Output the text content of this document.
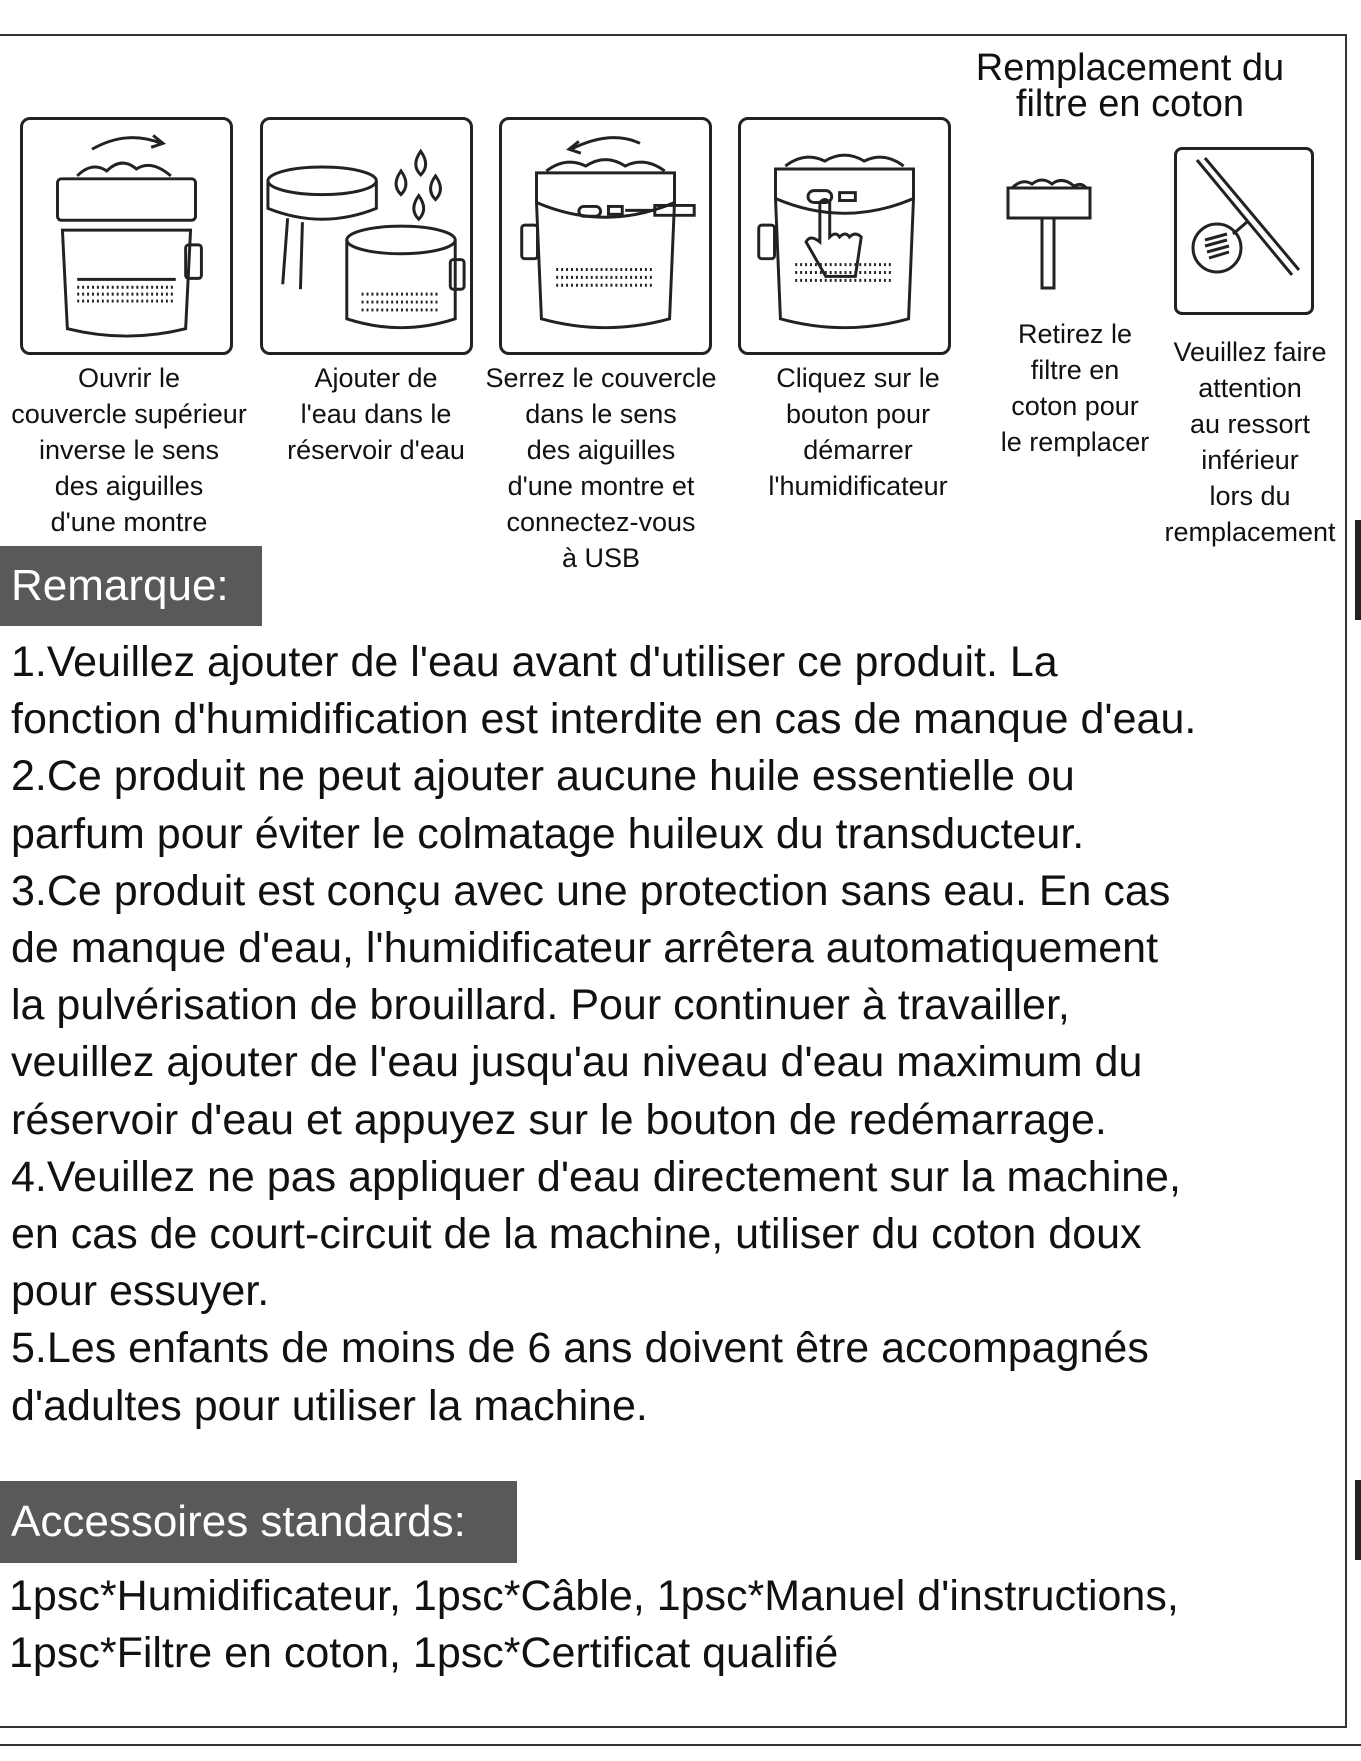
Remplacement du
filtre en coton
Ouvrir le
couvercle supérieur
inverse le sens
des aiguilles
d'une montre
Ajouter de
l'eau dans le
réservoir d'eau
Serrez le couvercle
dans le sens
des aiguilles
d'une montre et
connectez-vous
à USB
Cliquez sur le
bouton pour
démarrer
l'humidificateur
Retirez le
filtre en
coton pour
le remplacer
Veuillez faire
attention
au ressort
inférieur
lors du
remplacement
Remarque:

1.Veuillez ajouter de l'eau avant d'utiliser ce produit. La

fonction d'humidification est interdite en cas de manque d'eau.

2.Ce produit ne peut ajouter aucune huile essentielle ou

parfum pour éviter le colmatage huileux du transducteur.

3.Ce produit est conçu avec une protection sans eau. En cas

de manque d'eau, l'humidificateur arrêtera automatiquement

la pulvérisation de brouillard. Pour continuer à travailler,

veuillez ajouter de l'eau jusqu'au niveau d'eau maximum du

réservoir d'eau et appuyez sur le bouton de redémarrage.

4.Veuillez ne pas appliquer d'eau directement sur la machine,

en cas de court-circuit de la machine, utiliser du coton doux

pour essuyer.

5.Les enfants de moins de 6 ans doivent être accompagnés

d'adultes pour utiliser la machine.

Accessoires standards:

1psc*Humidificateur, 1psc*Câble, 1psc*Manuel d'instructions,

1psc*Filtre en coton, 1psc*Certificat qualifié
